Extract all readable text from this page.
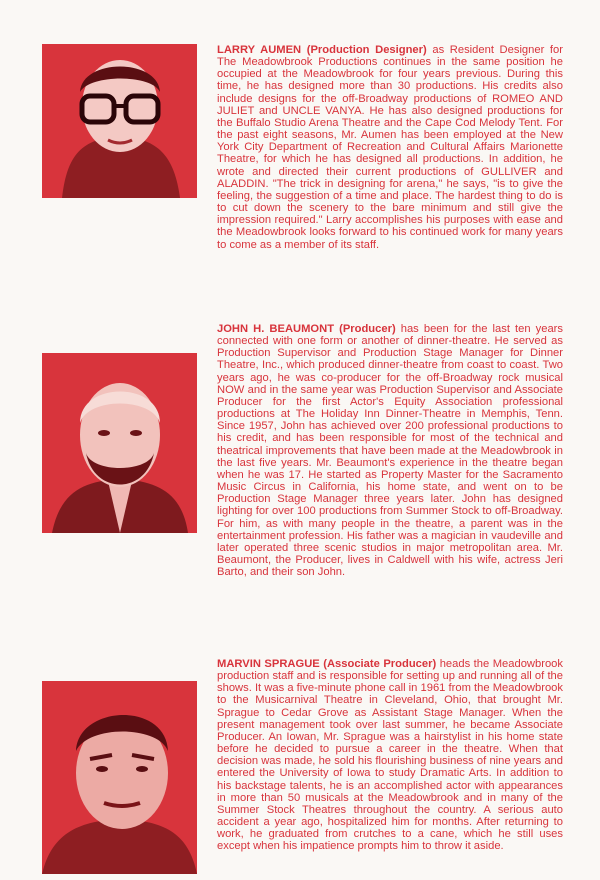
LARRY AUMEN (Production Designer) as Resident Designer for The Meadowbrook Productions continues in the same position he occupied at the Meadowbrook for four years previous. During this time, he has designed more than 30 productions. His credits also include designs for the off-Broadway productions of ROMEO AND JULIET and UNCLE VANYA. He has also designed productions for the Buffalo Studio Arena Theatre and the Cape Cod Melody Tent. For the past eight seasons, Mr. Aumen has been employed at the New York City Department of Recreation and Cultural Affairs Marionette Theatre, for which he has designed all productions. In addition, he wrote and directed their current productions of GULLIVER and ALADDIN. "The trick in designing for arena," he says, "is to give the feeling, the suggestion of a time and place. The hardest thing to do is to cut down the scenery to the bare minimum and still give the impression required." Larry accomplishes his purposes with ease and the Meadowbrook looks forward to his continued work for many years to come as a member of its staff.
JOHN H. BEAUMONT (Producer) has been for the last ten years connected with one form or another of dinner-theatre. He served as Production Supervisor and Production Stage Manager for Dinner Theatre, Inc., which produced dinner-theatre from coast to coast. Two years ago, he was co-producer for the off-Broadway rock musical NOW and in the same year was Production Supervisor and Associate Producer for the first Actor's Equity Association professional productions at The Holiday Inn Dinner-Theatre in Memphis, Tenn. Since 1957, John has achieved over 200 professional productions to his credit, and has been responsible for most of the technical and theatrical improvements that have been made at the Meadowbrook in the last five years. Mr. Beaumont's experience in the theatre began when he was 17. He started as Property Master for the Sacramento Music Circus in California, his home state, and went on to be Production Stage Manager three years later. John has designed lighting for over 100 productions from Summer Stock to off-Broadway. For him, as with many people in the theatre, a parent was in the entertainment profession. His father was a magician in vaudeville and later operated three scenic studios in major metropolitan area. Mr. Beaumont, the Producer, lives in Caldwell with his wife, actress Jeri Barto, and their son John.
MARVIN SPRAGUE (Associate Producer) heads the Meadowbrook production staff and is responsible for setting up and running all of the shows. It was a five-minute phone call in 1961 from the Meadowbrook to the Musicarnival Theatre in Cleveland, Ohio, that brought Mr. Sprague to Cedar Grove as Assistant Stage Manager. When the present management took over last summer, he became Associate Producer. An Iowan, Mr. Sprague was a hairstylist in his home state before he decided to pursue a career in the theatre. When that decision was made, he sold his flourishing business of nine years and entered the University of Iowa to study Dramatic Arts. In addition to his backstage talents, he is an accomplished actor with appearances in more than 50 musicals at the Meadowbrook and in many of the Summer Stock Theatres throughout the country. A serious auto accident a year ago, hospitalized him for months. After returning to work, he graduated from crutches to a cane, which he still uses except when his impatience prompts him to throw it aside.
